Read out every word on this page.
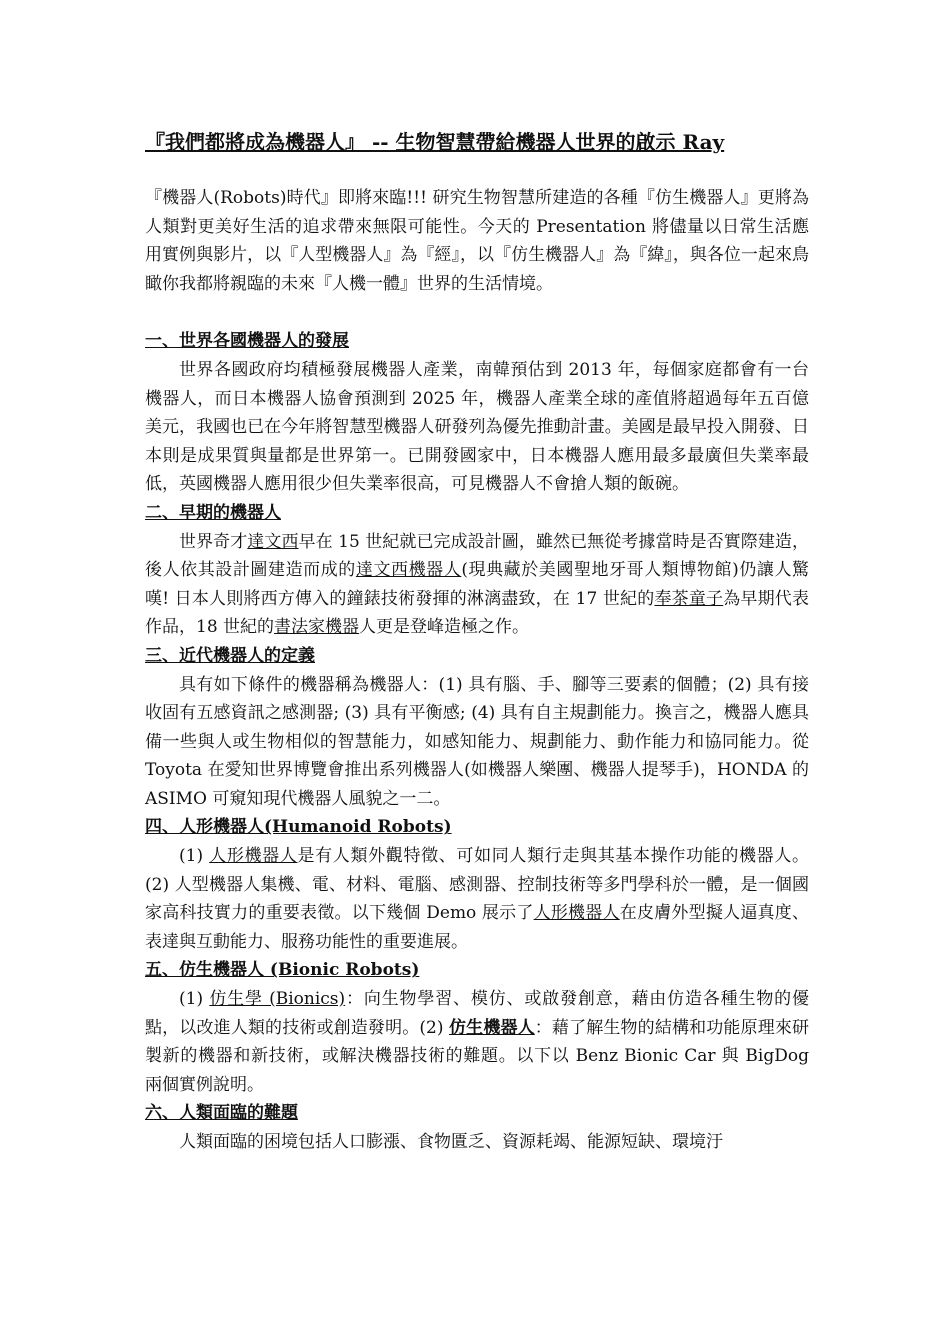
『我們都將成為機器人』 -- 生物智慧帶給機器人世界的啟示 Ray

『機器人(Robots)時代』即將來臨!!! 研究生物智慧所建造的各種『仿生機器人』更將為人類對更美好生活的追求帶來無限可能性。今天的 Presentation 將儘量以日常生活應用實例與影片，以『人型機器人』為『經』，以『仿生機器人』為『緯』，與各位一起來鳥瞰你我都將親臨的未來『人機一體』世界的生活情境。

一、世界各國機器人的發展

世界各國政府均積極發展機器人產業，南韓預估到 2013 年，每個家庭都會有一台機器人，而日本機器人協會預測到 2025 年，機器人產業全球的產值將超過每年五百億美元，我國也已在今年將智慧型機器人研發列為優先推動計畫。美國是最早投入開發、日本則是成果質與量都是世界第一。已開發國家中，日本機器人應用最多最廣但失業率最低，英國機器人應用很少但失業率很高，可見機器人不會搶人類的飯碗。

二、早期的機器人

世界奇才達文西早在 15 世紀就已完成設計圖，雖然已無從考據當時是否實際建造，後人依其設計圖建造而成的達文西機器人(現典藏於美國聖地牙哥人類博物館)仍讓人驚嘆! 日本人則將西方傳入的鐘錶技術發揮的淋漓盡致，在 17 世紀的奉茶童子為早期代表作品，18 世紀的書法家機器人更是登峰造極之作。

三、近代機器人的定義

具有如下條件的機器稱為機器人：(1) 具有腦、手、腳等三要素的個體；(2) 具有接收固有五感資訊之感測器; (3) 具有平衡感; (4) 具有自主規劃能力。換言之，機器人應具備一些與人或生物相似的智慧能力，如感知能力、規劃能力、動作能力和協同能力。從 Toyota 在愛知世界博覽會推出系列機器人(如機器人樂團、機器人提琴手)，HONDA 的 ASIMO 可窺知現代機器人風貌之一二。

四、人形機器人(Humanoid Robots)

(1) 人形機器人是有人類外觀特徵、可如同人類行走與其基本操作功能的機器人。(2) 人型機器人集機、電、材料、電腦、感測器、控制技術等多門學科於一體，是一個國家高科技實力的重要表徵。以下幾個 Demo 展示了人形機器人在皮膚外型擬人逼真度、表達與互動能力、服務功能性的重要進展。

五、仿生機器人 (Bionic Robots)

(1) 仿生學 (Bionics)：向生物學習、模仿、或啟發創意，藉由仿造各種生物的優點，以改進人類的技術或創造發明。(2) 仿生機器人：藉了解生物的結構和功能原理來研製新的機器和新技術，或解決機器技術的難題。以下以 Benz Bionic Car 與 BigDog 兩個實例說明。

六、人類面臨的難題

人類面臨的困境包括人口膨漲、食物匱乏、資源耗竭、能源短缺、環境汙
